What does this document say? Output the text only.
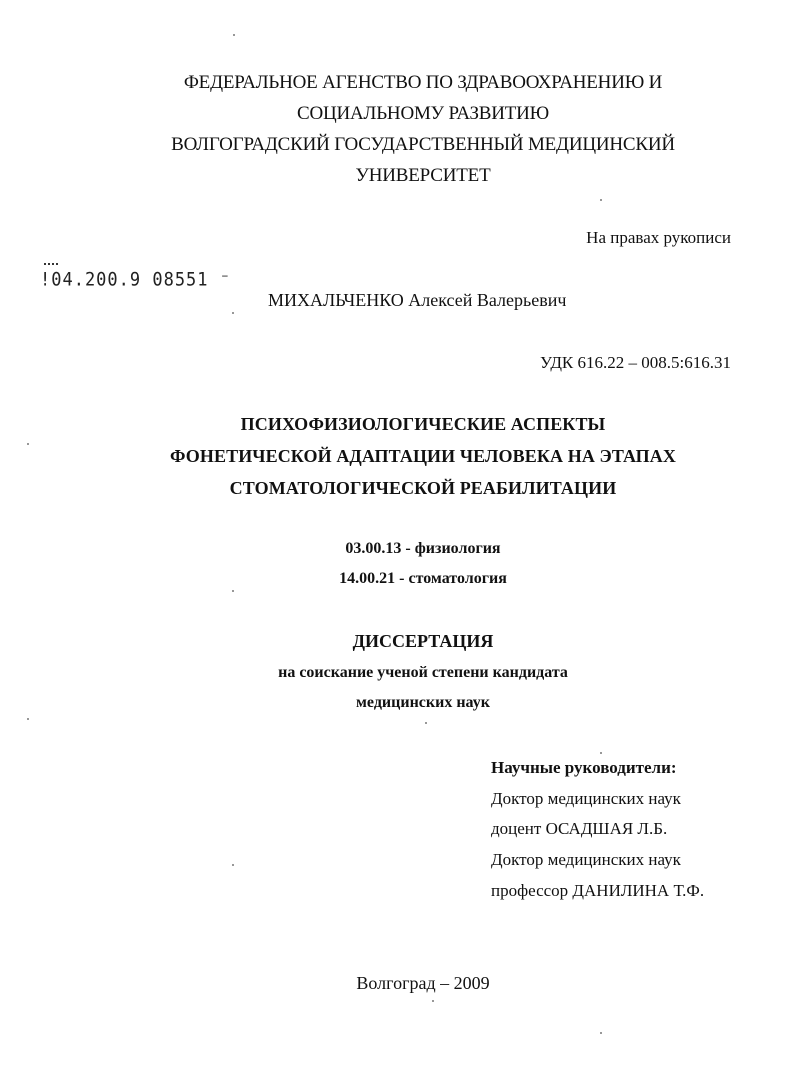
ФЕДЕРАЛЬНОЕ АГЕНСТВО ПО ЗДРАВООХРАНЕНИЮ И
СОЦИАЛЬНОМУ РАЗВИТИЮ
ВОЛГОГРАДСКИЙ ГОСУДАРСТВЕННЫЙ МЕДИЦИНСКИЙ
УНИВЕРСИТЕТ
На правах рукописи
!04.200.9 08551 ⁻
МИХАЛЬЧЕНКО Алексей Валерьевич
УДК 616.22 – 008.5:616.31
ПСИХОФИЗИОЛОГИЧЕСКИЕ АСПЕКТЫ
ФОНЕТИЧЕСКОЙ АДАПТАЦИИ ЧЕЛОВЕКА НА ЭТАПАХ
СТОМАТОЛОГИЧЕСКОЙ РЕАБИЛИТАЦИИ
03.00.13 - физиология
14.00.21 - стоматология
ДИССЕРТАЦИЯ
на соискание ученой степени кандидата
медицинских наук
Научные руководители:
Доктор медицинских наук
доцент ОСАДШАЯ Л.Б.
Доктор медицинских наук
профессор ДАНИЛИНА Т.Ф.
Волгоград – 2009
